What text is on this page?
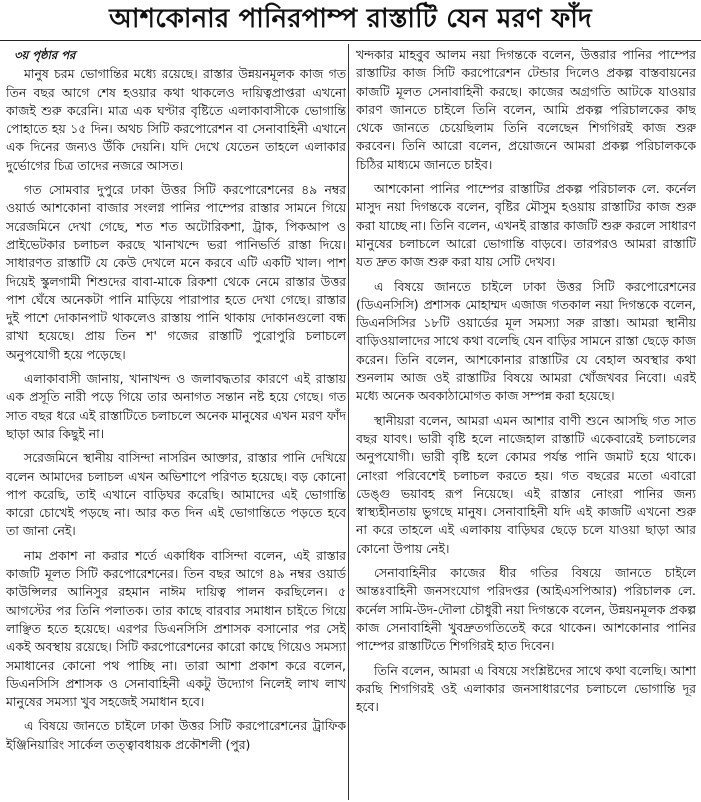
আশকোনার পানিরপাম্প রাস্তাটি যেন মরণ ফাঁদ
৩য় পৃষ্ঠার পর

মানুষ চরম ভোগান্তির মধ্যে রয়েছে। রাস্তার উন্নয়নমূলক কাজ গত তিন বছর আগে শেষ হওয়ার কথা থাকলেও দায়িত্বপ্রাপ্তরা এখনো কাজই শুরু করেনি। মাত্র এক ঘণ্টার বৃষ্টিতে এলাকাবাসীকে ভোগান্তি পোহাতে হয় ১৫ দিন। অথচ সিটি করপোরেশন বা সেনাবাহিনী এখানে এক দিনের জন্যও উঁকি দেয়নি। যদি দেখে যেতেন তাহলে এলাকার দুর্ভোগের চিত্র তাদের নজরে আসত।

গত সোমবার দুপুরে ঢাকা উত্তর সিটি করপোরেশনের ৪৯ নম্বর ওয়ার্ড আশকোনা বাজার সংলগ্ন পানির পাম্পের রাস্তার সামনে গিয়ে সরেজমিনে দেখা গেছে, শত শত অটোরিকশা, ট্রাক, পিকআপ ও প্রাইভেটকার চলাচল করছে খানাখন্দে ভরা পানিভর্তি রাস্তা দিয়ে। সাধারণত রাস্তাটি যে কেউ দেখলে মনে করবে এটি একটি খাল। পাশ দিয়েই স্কুলগামী শিশুদের বাবা-মাকে রিকশা থেকে নেমে রাস্তার উত্তর পাশ ঘেঁষে অনেকটা পানি মাড়িয়ে পারাপার হতে দেখা গেছে। রাস্তার দুই পাশে দোকানপাট থাকলেও রাস্তায় পানি থাকায় দোকানগুলো বন্ধ রাখা হয়েছে। প্রায় তিন শ' গজের রাস্তাটি পুরোপুরি চলাচলে অনুপযোগী হয়ে পড়েছে।

এলাকাবাসী জানায়, খানাখন্দ ও জলাবদ্ধতার কারণে এই রাস্তায় এক প্রসূতি নারী পড়ে গিয়ে তার অনাগত সন্তান নষ্ট হয়ে গেছে। গত সাত বছর ধরে এই রাস্তাটিতে চলাচলে অনেক মানুষের এখন মরণ ফাঁদ ছাড়া আর কিছুই না।

সরেজমিনে স্থানীয় বাসিন্দা নাসরিন আক্তার, রাস্তার পানি দেখিয়ে বলেন আমাদের চলাচল এখন অভিশাপে পরিণত হয়েছে। বড় কোনো পাপ করেছি, তাই এখানে বাড়িঘর করেছি। আমাদের এই ভোগান্তি কারো চোখেই পড়ছে না। আর কত দিন এই ভোগান্তিতে পড়তে হবে তা জানা নেই।

নাম প্রকাশ না করার শর্তে একাধিক বাসিন্দা বলেন, এই রাস্তার কাজটি মূলত সিটি করপোরেশনের। তিন বছর আগে ৪৯ নম্বর ওয়ার্ড কাউন্সিলর আনিসুর রহমান নাঈম দায়িত্ব পালন করছিলেন। ৫ আগস্টের পর তিনি পলাতক। তার কাছে বারবার সমাধান চাইতে গিয়ে লাঞ্ছিত হতে হয়েছে। এরপর ডিএনসিসি প্রশাসক বসানোর পর সেই একই অবস্থায় রয়েছে। সিটি করপোরেশনের কারো কাছে গিয়েও সমস্যা সমাধানের কোনো পথ পাচ্ছি না। তারা আশা প্রকাশ করে বলেন, ডিএনসিসি প্রশাসক ও সেনাবাহিনী একটু উদ্যোগ নিলেই লাখ লাখ মানুষের সমস্যা খুব সহজেই সমাধান হবে।

এ বিষয়ে জানতে চাইলে ঢাকা উত্তর সিটি করপোরেশনের ট্রাফিক ইঞ্জিনিয়ারিং সার্কেল তত্ত্বাবধায়ক প্রকৌশলী (পুর)

খন্দকার মাহবুব আলম নয়া দিগন্তকে বলেন, উত্তরার পানির পাম্পের রাস্তাটির কাজ সিটি করপোরেশন টেন্ডার দিলেও প্রকল্প বাস্তবায়নের কাজটি মূলত সেনাবাহিনী করছে। কাজের অগ্রগতি আটকে যাওয়ার কারণ জানতে চাইলে তিনি বলেন, আমি প্রকল্প পরিচালকের কাছ থেকে জানতে চেয়েছিলাম তিনি বলেছেন শিগগিরই কাজ শুরু করবেন। তিনি আরো বলেন, প্রয়োজনে আমরা প্রকল্প পরিচালককে চিঠির মাধ্যমে জানতে চাইব।

আশকোনা পানির পাম্পের রাস্তাটির প্রকল্প পরিচালক লে. কর্নেল মাসুদ নয়া দিগন্তকে বলেন, বৃষ্টির মৌসুম হওয়ায় রাস্তাটির কাজ শুরু করা যাচ্ছে না। তিনি বলেন, এখনই রাস্তার কাজটি শুরু করলে সাধারণ মানুষের চলাচলে আরো ভোগান্তি বাড়বে। তারপরও আমরা রাস্তাটি যত দ্রুত কাজ শুরু করা যায় সেটি দেখব।

এ বিষয়ে জানতে চাইলে ঢাকা উত্তর সিটি করপোরেশনের (ডিএনসিসি) প্রশাসক মোহাম্মদ এজাজ গতকাল নয়া দিগন্তকে বলেন, ডিএনসিসির ১৮টি ওয়ার্ডের মূল সমস্যা সরু রাস্তা। আমরা স্থানীয় বাড়িওয়ালাদের সাথে কথা বলেছি যেন বাড়ির সামনে রাস্তা ছেড়ে কাজ করেন। তিনি বলেন, আশকোনার রাস্তাটির যে বেহাল অবস্থার কথা শুনলাম আজ ওই রাস্তাটির বিষয়ে আমরা খোঁজখবর নিবো। এরই মধ্যে অনেক অবকাঠামোগত কাজ সম্পন্ন করা হয়েছে।

স্থানীয়রা বলেন, আমরা এমন আশার বাণী শুনে আসছি গত সাত বছর যাবৎ। ভারী বৃষ্টি হলে নাজেহাল রাস্তাটি একেবারেই চলাচলের অনুপযোগী। ভারী বৃষ্টি হলে কোমর পর্যন্ত পানি জমাট হয়ে থাকে। নোংরা পরিবেশেই চলাচল করতে হয়। গত বছরের মতো এবারো ডেঙ্গু ভয়াবহ রূপ নিয়েছে। এই রাস্তার নোংরা পানির জন্য স্বাস্থ্যহীনতায় ভুগছে মানুষ। সেনাবাহিনী যদি এই কাজটি এখনো শুরু না করে তাহলে এই এলাকায় বাড়িঘর ছেড়ে চলে যাওয়া ছাড়া আর কোনো উপায় নেই।

সেনাবাহিনীর কাজের ধীর গতির বিষয়ে জানতে চাইলে আন্তঃবাহিনী জনসংযোগ পরিদপ্তর (আইএসপিআর) পরিচালক লে. কর্নেল সামি-উদ-দৌলা চৌধুরী নয়া দিগন্তকে বলেন, উন্নয়নমূলক প্রকল্প কাজ সেনাবাহিনী খুবদ্রুতগতিতেই করে থাকেন। আশকোনার পানির পাম্পের রাস্তাটিতে শিগগিরই হাত দিবেন।

তিনি বলেন, আমরা এ বিষয়ে সংশ্লিষ্টদের সাথে কথা বলেছি। আশা করছি শিগগিরই ওই এলাকার জনসাধারণের চলাচলে ভোগান্তি দূর হবে।
